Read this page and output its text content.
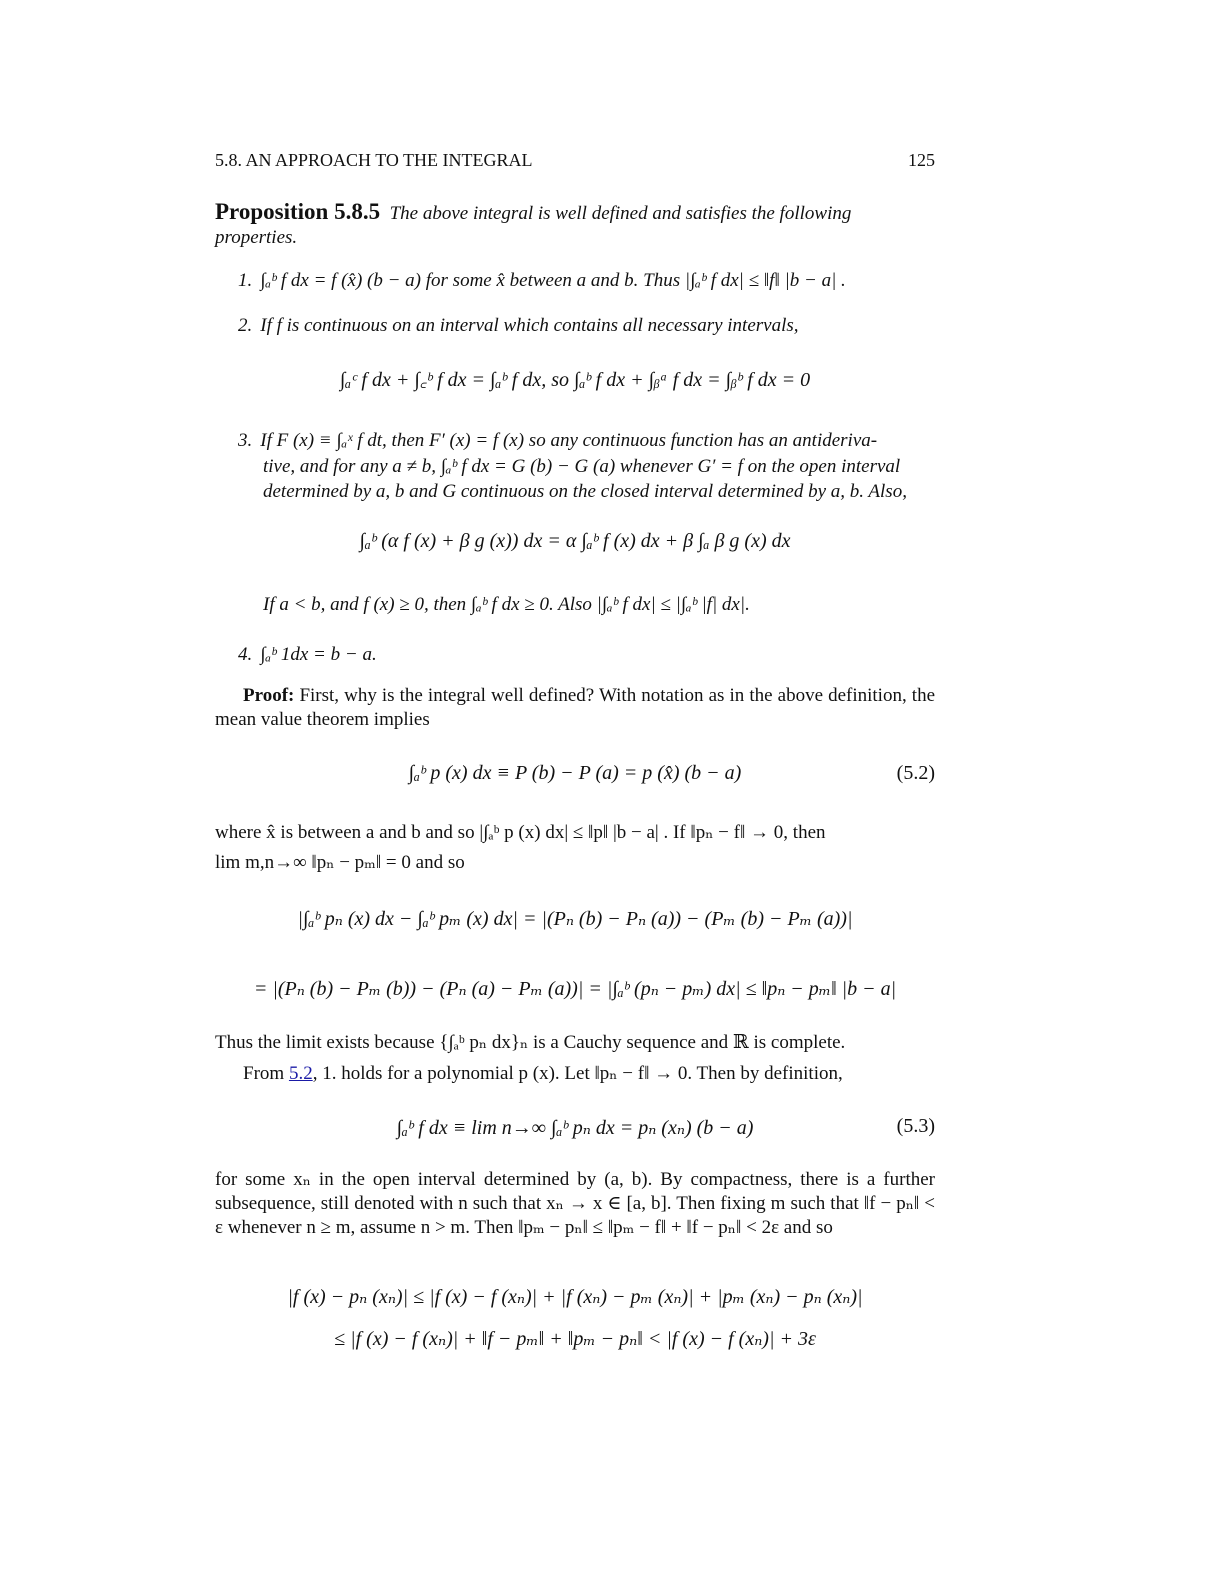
5.8. AN APPROACH TO THE INTEGRAL	125
Proposition 5.8.5 The above integral is well defined and satisfies the following properties.
1. ∫ₐᵇ f dx = f (x̂) (b − a) for some x̂ between a and b. Thus |∫ₐᵇ f dx| ≤ ‖f‖ |b − a| .
2. If f is continuous on an interval which contains all necessary intervals,
∫ₐᶜ f dx + ∫꜀ᵇ f dx = ∫ₐᵇ f dx, so ∫ₐᵇ f dx + ∫ᵦᵃ f dx = ∫ᵦᵇ f dx = 0
3. If F (x) ≡ ∫ₐˣ f dt, then F′ (x) = f (x) so any continuous function has an antideriva-
tive, and for any a ≠ b, ∫ₐᵇ f dx = G (b) − G (a) whenever G′ = f on the open interval
determined by a, b and G continuous on the closed interval determined by a, b. Also,
∫ₐᵇ (α f (x) + β g (x)) dx = α ∫ₐᵇ f (x) dx + β ∫ₐ β g (x) dx
If a < b, and f (x) ≥ 0, then ∫ₐᵇ f dx ≥ 0. Also |∫ₐᵇ f dx| ≤ |∫ₐᵇ |f| dx|.
4. ∫ₐᵇ 1dx = b − a.
Proof: First, why is the integral well defined? With notation as in the above definition, the mean value theorem implies
∫ₐᵇ p (x) dx ≡ P (b) − P (a) = p (x̂) (b − a)	(5.2)
where x̂ is between a and b and so |∫ₐᵇ p (x) dx| ≤ ‖p‖ |b − a| . If ‖pₙ − f‖ → 0, then
lim m,n→∞ ‖pₙ − pₘ‖ = 0 and so
|∫ₐᵇ pₙ (x) dx − ∫ₐᵇ pₘ (x) dx| = |(Pₙ (b) − Pₙ (a)) − (Pₘ (b) − Pₘ (a))|
= |(Pₙ (b) − Pₘ (b)) − (Pₙ (a) − Pₘ (a))| = |∫ₐᵇ (pₙ − pₘ) dx| ≤ ‖pₙ − pₘ‖ |b − a|
Thus the limit exists because {∫ₐᵇ pₙ dx}ₙ is a Cauchy sequence and ℝ is complete.
From 5.2, 1. holds for a polynomial p (x). Let ‖pₙ − f‖ → 0. Then by definition,
∫ₐᵇ f dx ≡ lim n→∞ ∫ₐᵇ pₙ dx = pₙ (xₙ) (b − a)	(5.3)
for some xₙ in the open interval determined by (a, b). By compactness, there is a further subsequence, still denoted with n such that xₙ → x ∈ [a, b]. Then fixing m such that ‖f − pₙ‖ < ε whenever n ≥ m, assume n > m. Then ‖pₘ − pₙ‖ ≤ ‖pₘ − f‖ + ‖f − pₙ‖ < 2ε and so
|f (x) − pₙ (xₙ)| ≤ |f (x) − f (xₙ)| + |f (xₙ) − pₘ (xₙ)| + |pₘ (xₙ) − pₙ (xₙ)|
≤ |f (x) − f (xₙ)| + ‖f − pₘ‖ + ‖pₘ − pₙ‖ < |f (x) − f (xₙ)| + 3ε
